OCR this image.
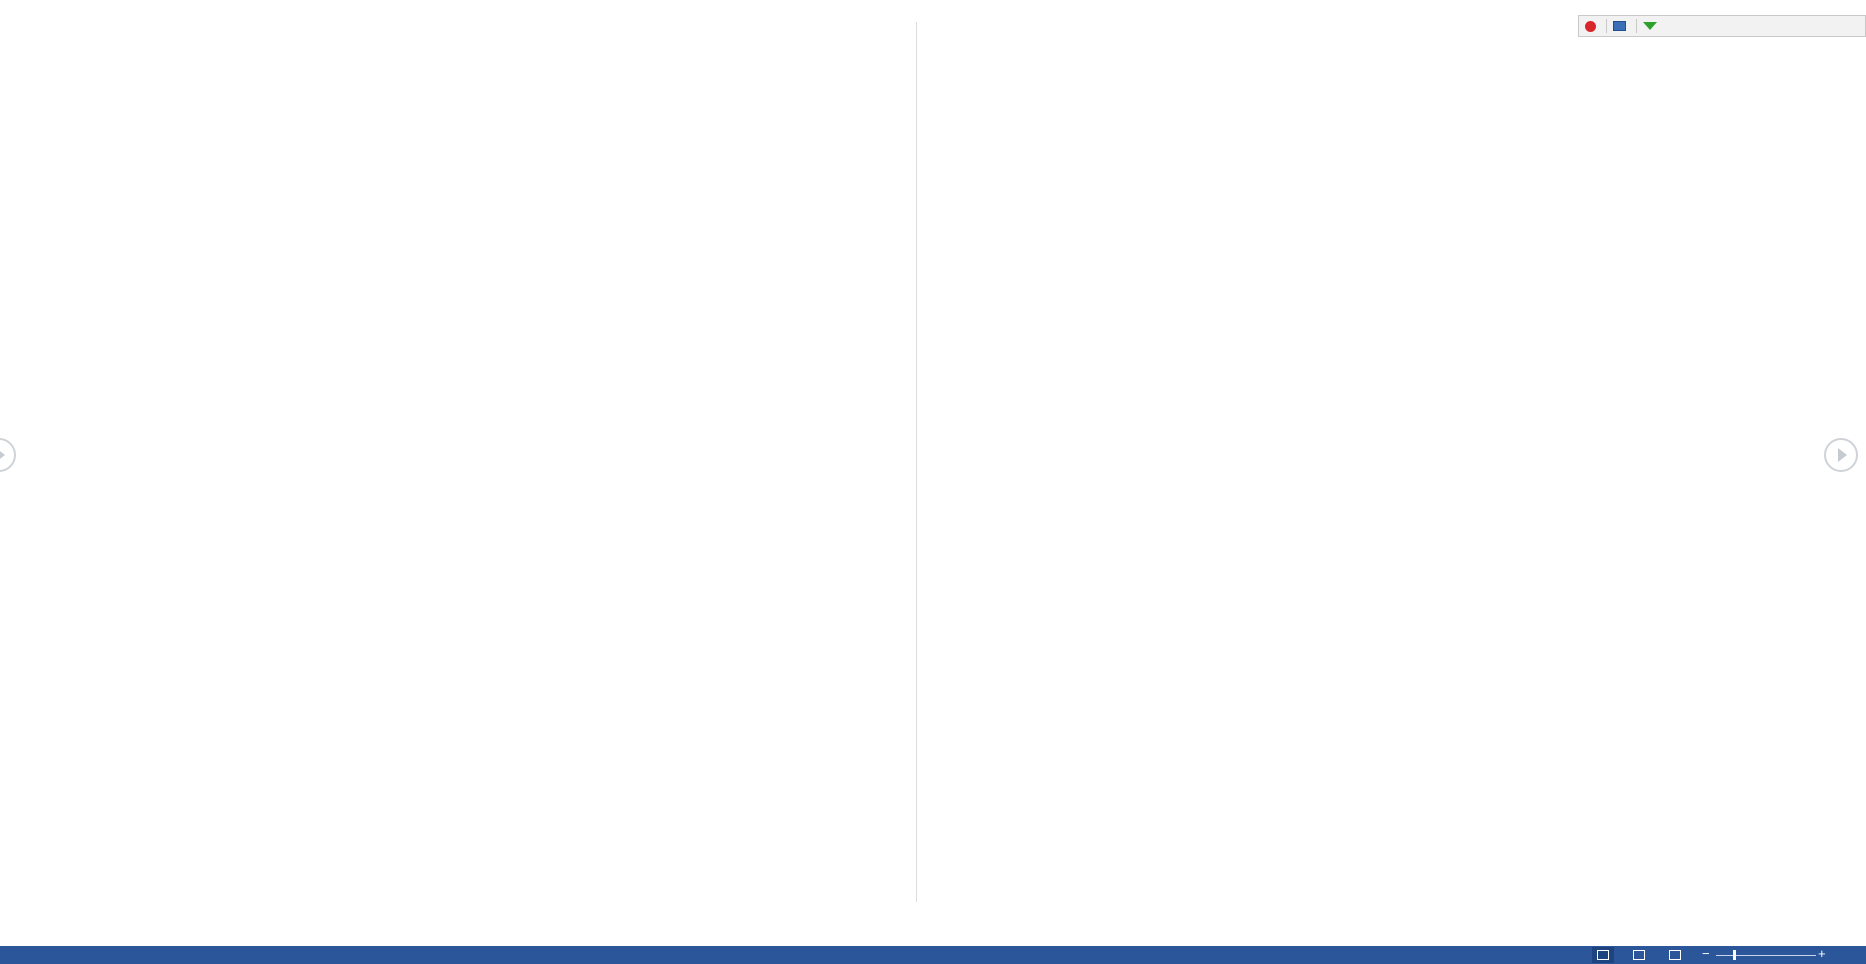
−	+
